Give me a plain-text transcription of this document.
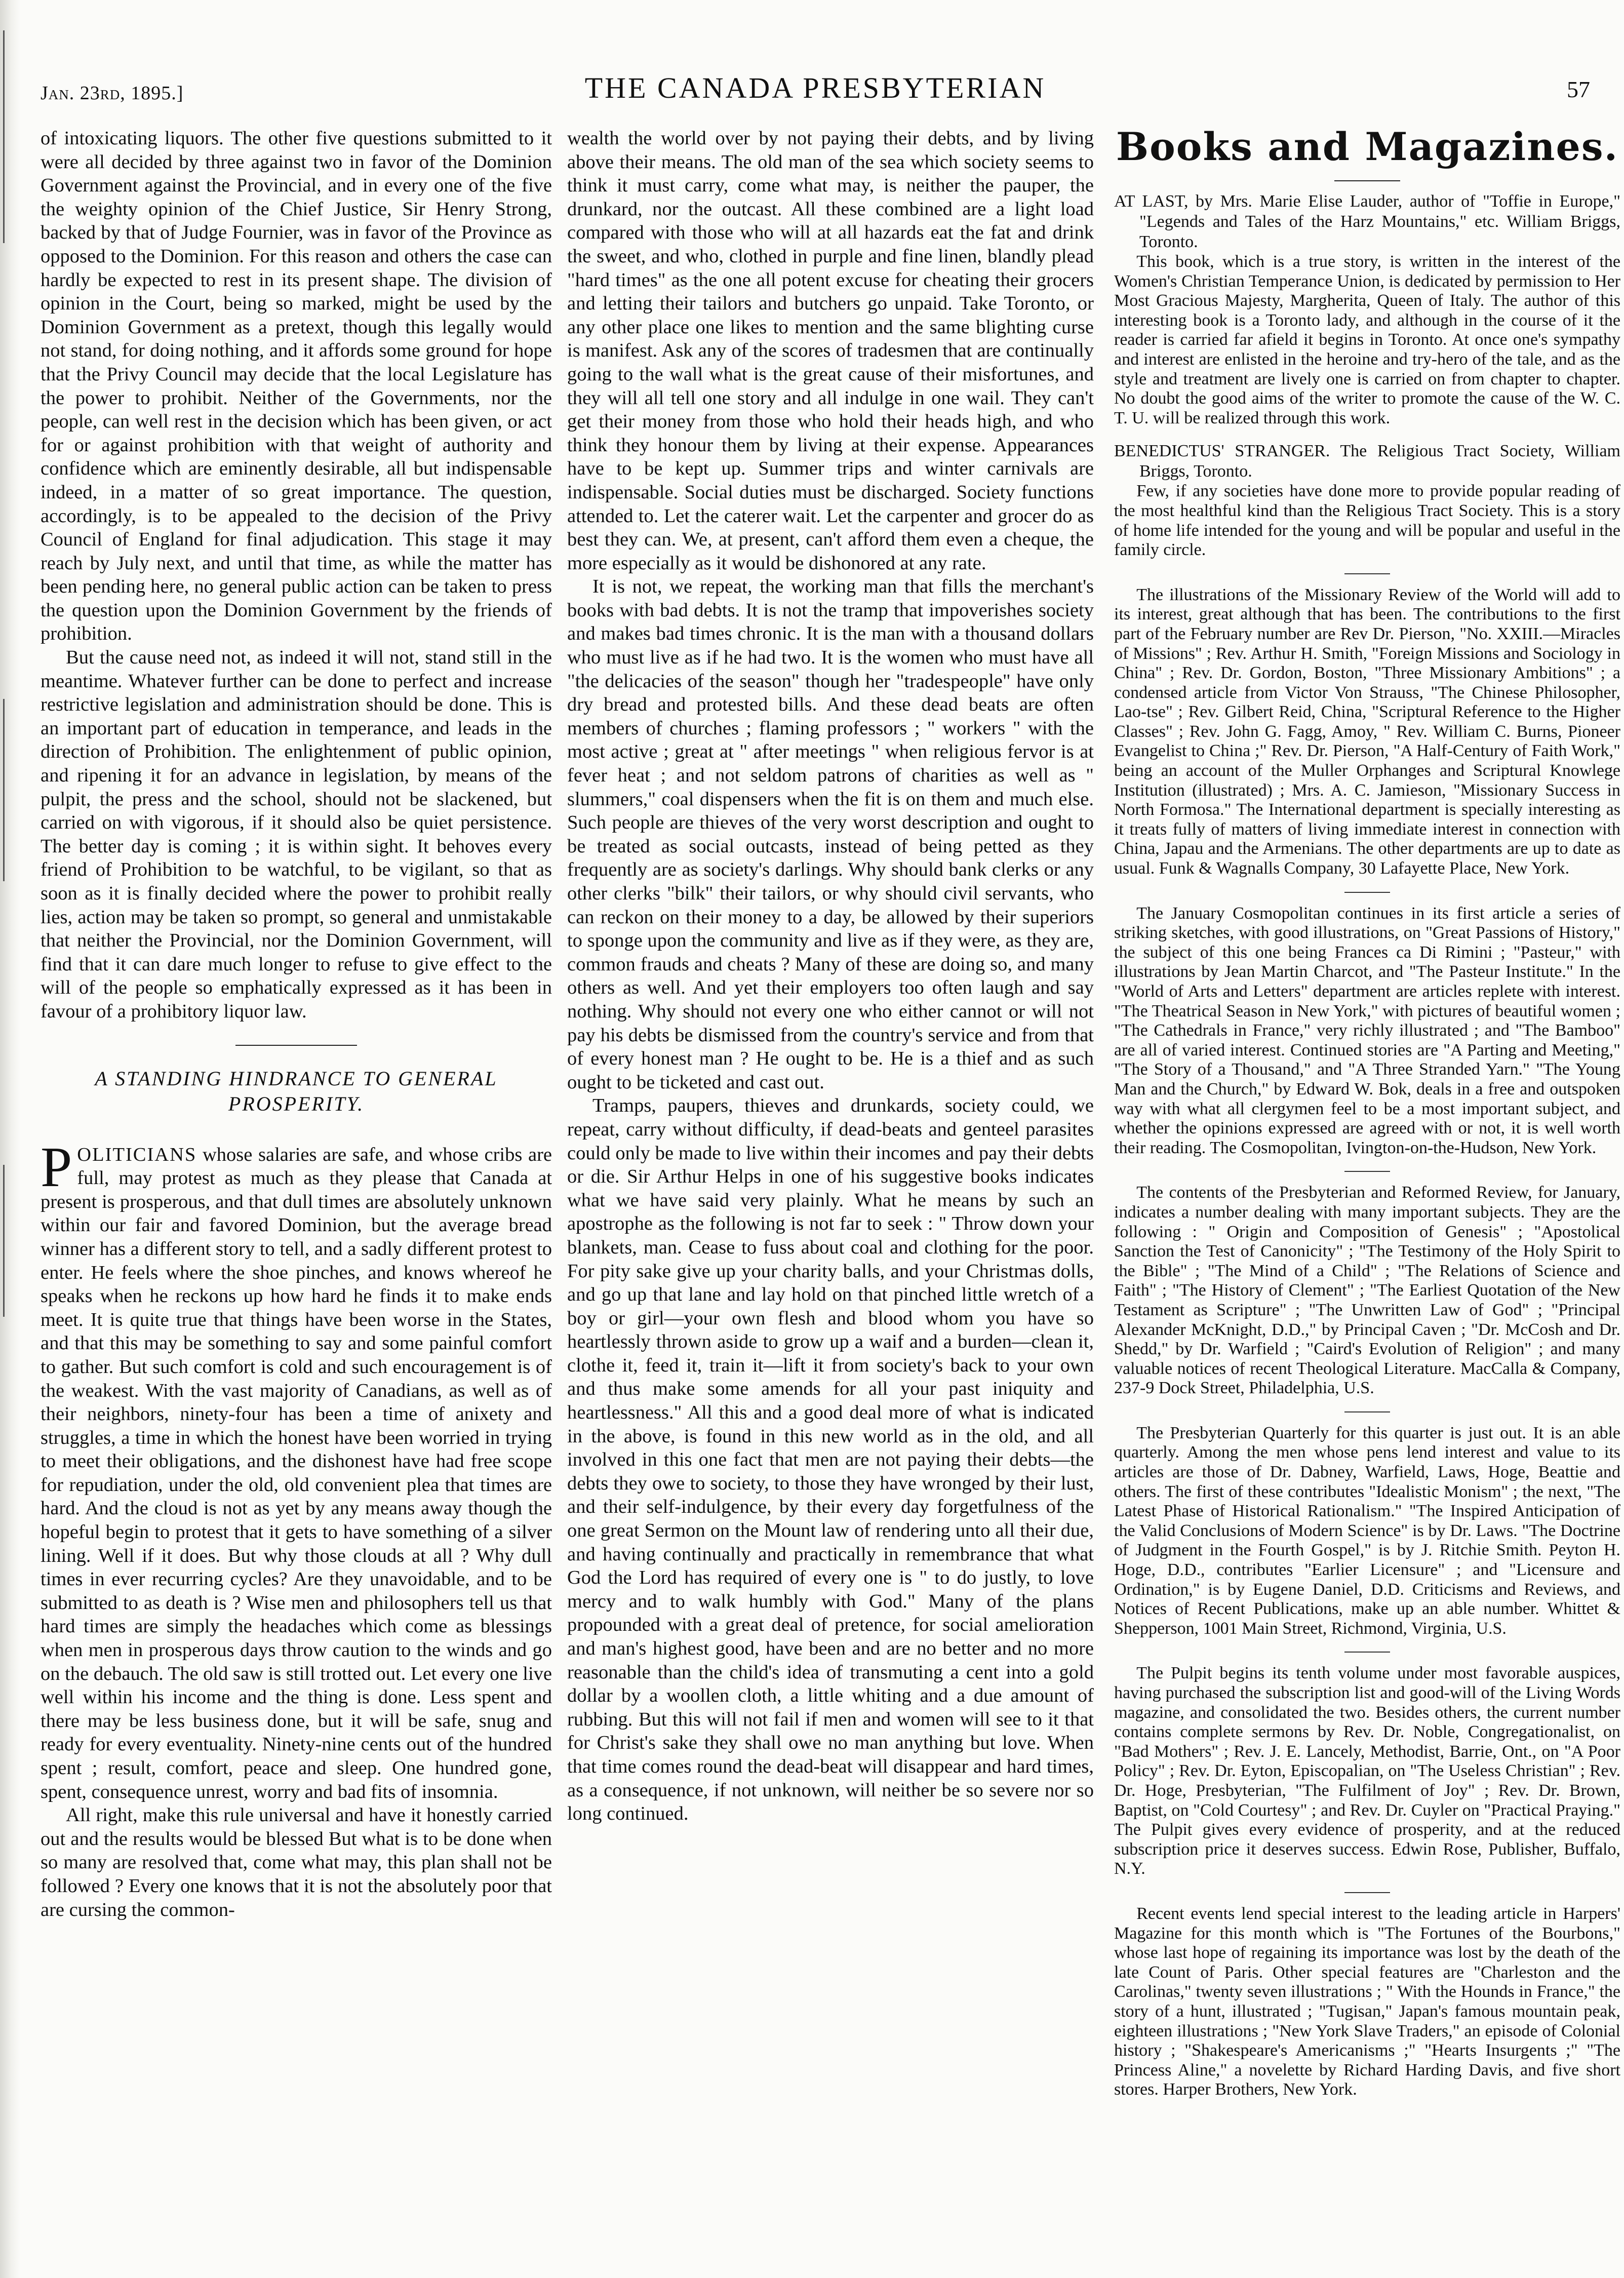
Jan. 23rd, 1895.]	THE CANADA PRESBYTERIAN	57

of intoxicating liquors. The other five questions submitted to it were all decided by three against two in favor of the Dominion Government against the Provincial, and in every one of the five the weighty opinion of the Chief Justice, Sir Henry Strong, backed by that of Judge Fournier, was in favor of the Province as opposed to the Dominion. For this reason and others the case can hardly be expected to rest in its present shape. The division of opinion in the Court, being so marked, might be used by the Dominion Government as a pretext, though this legally would not stand, for doing nothing, and it affords some ground for hope that the Privy Council may decide that the local Legislature has the power to prohibit. Neither of the Governments, nor the people, can well rest in the decision which has been given, or act for or against prohibition with that weight of authority and confidence which are eminently desirable, all but indispensable indeed, in a matter of so great importance. The question, accordingly, is to be appealed to the decision of the Privy Council of England for final adjudication. This stage it may reach by July next, and until that time, as while the matter has been pending here, no general public action can be taken to press the question upon the Dominion Government by the friends of prohibition.

But the cause need not, as indeed it will not, stand still in the meantime. Whatever further can be done to perfect and increase restrictive legislation and administration should be done. This is an important part of education in temperance, and leads in the direction of Prohibition. The enlightenment of public opinion, and ripening it for an advance in legislation, by means of the pulpit, the press and the school, should not be slackened, but carried on with vigorous, if it should also be quiet persistence. The better day is coming ; it is within sight. It behoves every friend of Prohibition to be watchful, to be vigilant, so that as soon as it is finally decided where the power to prohibit really lies, action may be taken so prompt, so general and unmistakable that neither the Provincial, nor the Dominion Government, will find that it can dare much longer to refuse to give effect to the will of the people so emphatically expressed as it has been in favour of a prohibitory liquor law.

A STANDING HINDRANCE TO GENERAL PROSPERITY.

POLITICIANS whose salaries are safe, and whose cribs are full, may protest as much as they please that Canada at present is prosperous, and that dull times are absolutely unknown within our fair and favored Dominion, but the average bread winner has a different story to tell, and a sadly different protest to enter. He feels where the shoe pinches, and knows whereof he speaks when he reckons up how hard he finds it to make ends meet. It is quite true that things have been worse in the States, and that this may be something to say and some painful comfort to gather. But such comfort is cold and such encouragement is of the weakest. With the vast majority of Canadians, as well as of their neighbors, ninety-four has been a time of anixety and struggles, a time in which the honest have been worried in trying to meet their obligations, and the dishonest have had free scope for repudiation, under the old, old convenient plea that times are hard. And the cloud is not as yet by any means away though the hopeful begin to protest that it gets to have something of a silver lining. Well if it does. But why those clouds at all ? Why dull times in ever recurring cycles? Are they unavoidable, and to be submitted to as death is ? Wise men and philosophers tell us that hard times are simply the headaches which come as blessings when men in prosperous days throw caution to the winds and go on the debauch. The old saw is still trotted out. Let every one live well within his income and the thing is done. Less spent and there may be less business done, but it will be safe, snug and ready for every eventuality. Ninety-nine cents out of the hundred spent ; result, comfort, peace and sleep. One hundred gone, spent, consequence unrest, worry and bad fits of insomnia.

All right, make this rule universal and have it honestly carried out and the results would be blessed But what is to be done when so many are resolved that, come what may, this plan shall not be followed ? Every one knows that it is not the absolutely poor that are cursing the common-

wealth the world over by not paying their debts, and by living above their means. The old man of the sea which society seems to think it must carry, come what may, is neither the pauper, the drunkard, nor the outcast. All these combined are a light load compared with those who will at all hazards eat the fat and drink the sweet, and who, clothed in purple and fine linen, blandly plead "hard times" as the one all potent excuse for cheating their grocers and letting their tailors and butchers go unpaid. Take Toronto, or any other place one likes to mention and the same blighting curse is manifest. Ask any of the scores of tradesmen that are continually going to the wall what is the great cause of their misfortunes, and they will all tell one story and all indulge in one wail. They can't get their money from those who hold their heads high, and who think they honour them by living at their expense. Appearances have to be kept up. Summer trips and winter carnivals are indispensable. Social duties must be discharged. Society functions attended to. Let the caterer wait. Let the carpenter and grocer do as best they can. We, at present, can't afford them even a cheque, the more especially as it would be dishonored at any rate.

It is not, we repeat, the working man that fills the merchant's books with bad debts. It is not the tramp that impoverishes society and makes bad times chronic. It is the man with a thousand dollars who must live as if he had two. It is the women who must have all "the delicacies of the season" though her "tradespeople" have only dry bread and protested bills. And these dead beats are often members of churches ; flaming professors ; " workers " with the most active ; great at " after meetings " when religious fervor is at fever heat ; and not seldom patrons of charities as well as " slummers," coal dispensers when the fit is on them and much else. Such people are thieves of the very worst description and ought to be treated as social outcasts, instead of being petted as they frequently are as society's darlings. Why should bank clerks or any other clerks "bilk" their tailors, or why should civil servants, who can reckon on their money to a day, be allowed by their superiors to sponge upon the community and live as if they were, as they are, common frauds and cheats ? Many of these are doing so, and many others as well. And yet their employers too often laugh and say nothing. Why should not every one who either cannot or will not pay his debts be dismissed from the country's service and from that of every honest man ? He ought to be. He is a thief and as such ought to be ticketed and cast out.

Tramps, paupers, thieves and drunkards, society could, we repeat, carry without difficulty, if dead-beats and genteel parasites could only be made to live within their incomes and pay their debts or die. Sir Arthur Helps in one of his suggestive books indicates what we have said very plainly. What he means by such an apostrophe as the following is not far to seek : " Throw down your blankets, man. Cease to fuss about coal and clothing for the poor. For pity sake give up your charity balls, and your Christmas dolls, and go up that lane and lay hold on that pinched little wretch of a boy or girl—your own flesh and blood whom you have so heartlessly thrown aside to grow up a waif and a burden—clean it, clothe it, feed it, train it—lift it from society's back to your own and thus make some amends for all your past iniquity and heartlessness." All this and a good deal more of what is indicated in the above, is found in this new world as in the old, and all involved in this one fact that men are not paying their debts—the debts they owe to society, to those they have wronged by their lust, and their self-indulgence, by their every day forgetfulness of the one great Sermon on the Mount law of rendering unto all their due, and having continually and practically in remembrance that what God the Lord has required of every one is " to do justly, to love mercy and to walk humbly with God." Many of the plans propounded with a great deal of pretence, for social amelioration and man's highest good, have been and are no better and no more reasonable than the child's idea of transmuting a cent into a gold dollar by a woollen cloth, a little whiting and a due amount of rubbing. But this will not fail if men and women will see to it that for Christ's sake they shall owe no man anything but love. When that time comes round the dead-beat will disappear and hard times, as a consequence, if not unknown, will neither be so severe nor so long continued.

Books and Magazines.

AT LAST, by Mrs. Marie Elise Lauder, author of "Toffie in Europe," "Legends and Tales of the Harz Mountains," etc. William Briggs, Toronto.

This book, which is a true story, is written in the interest of the Women's Christian Temperance Union, is dedicated by permission to Her Most Gracious Majesty, Margherita, Queen of Italy. The author of this interesting book is a Toronto lady, and although in the course of it the reader is carried far afield it begins in Toronto. At once one's sympathy and interest are enlisted in the heroine and try-hero of the tale, and as the style and treatment are lively one is carried on from chapter to chapter. No doubt the good aims of the writer to promote the cause of the W. C. T. U. will be realized through this work.

BENEDICTUS' STRANGER. The Religious Tract Society, William Briggs, Toronto.

Few, if any societies have done more to provide popular reading of the most healthful kind than the Religious Tract Society. This is a story of home life intended for the young and will be popular and useful in the family circle.

The illustrations of the Missionary Review of the World will add to its interest, great although that has been. The contributions to the first part of the February number are Rev Dr. Pierson, "No. XXIII.—Miracles of Missions" ; Rev. Arthur H. Smith, "Foreign Missions and Sociology in China" ; Rev. Dr. Gordon, Boston, "Three Missionary Ambitions" ; a condensed article from Victor Von Strauss, "The Chinese Philosopher, Lao-tse" ; Rev. Gilbert Reid, China, "Scriptural Reference to the Higher Classes" ; Rev. John G. Fagg, Amoy, " Rev. William C. Burns, Pioneer Evangelist to China ;" Rev. Dr. Pierson, "A Half-Century of Faith Work," being an account of the Muller Orphanges and Scriptural Knowlege Institution (illustrated) ; Mrs. A. C. Jamieson, "Missionary Success in North Formosa." The International department is specially interesting as it treats fully of matters of living immediate interest in connection with China, Japau and the Armenians. The other departments are up to date as usual. Funk & Wagnalls Company, 30 Lafayette Place, New York.

The January Cosmopolitan continues in its first article a series of striking sketches, with good illustrations, on "Great Passions of History," the subject of this one being Frances ca Di Rimini ; "Pasteur," with illustrations by Jean Martin Charcot, and "The Pasteur Institute." In the "World of Arts and Letters" department are articles replete with interest. "The Theatrical Season in New York," with pictures of beautiful women ; "The Cathedrals in France," very richly illustrated ; and "The Bamboo" are all of varied interest. Continued stories are "A Parting and Meeting," "The Story of a Thousand," and "A Three Stranded Yarn." "The Young Man and the Church," by Edward W. Bok, deals in a free and outspoken way with what all clergymen feel to be a most important subject, and whether the opinions expressed are agreed with or not, it is well worth their reading. The Cosmopolitan, Ivington-on-the-Hudson, New York.

The contents of the Presbyterian and Reformed Review, for January, indicates a number dealing with many important subjects. They are the following : " Origin and Composition of Genesis" ; "Apostolical Sanction the Test of Canonicity" ; "The Testimony of the Holy Spirit to the Bible" ; "The Mind of a Child" ; "The Relations of Science and Faith" ; "The History of Clement" ; "The Earliest Quotation of the New Testament as Scripture" ; "The Unwritten Law of God" ; "Principal Alexander McKnight, D.D.," by Principal Caven ; "Dr. McCosh and Dr. Shedd," by Dr. Warfield ; "Caird's Evolution of Religion" ; and many valuable notices of recent Theological Literature. MacCalla & Company, 237-9 Dock Street, Philadelphia, U.S.

The Presbyterian Quarterly for this quarter is just out. It is an able quarterly. Among the men whose pens lend interest and value to its articles are those of Dr. Dabney, Warfield, Laws, Hoge, Beattie and others. The first of these contributes "Idealistic Monism" ; the next, "The Latest Phase of Historical Rationalism." "The Inspired Anticipation of the Valid Conclusions of Modern Science" is by Dr. Laws. "The Doctrine of Judgment in the Fourth Gospel," is by J. Ritchie Smith. Peyton H. Hoge, D.D., contributes "Earlier Licensure" ; and "Licensure and Ordination," is by Eugene Daniel, D.D. Criticisms and Reviews, and Notices of Recent Publications, make up an able number. Whittet & Shepperson, 1001 Main Street, Richmond, Virginia, U.S.

The Pulpit begins its tenth volume under most favorable auspices, having purchased the subscription list and good-will of the Living Words magazine, and consolidated the two. Besides others, the current number contains complete sermons by Rev. Dr. Noble, Congregationalist, on "Bad Mothers" ; Rev. J. E. Lancely, Methodist, Barrie, Ont., on "A Poor Policy" ; Rev. Dr. Eyton, Episcopalian, on "The Useless Christian" ; Rev. Dr. Hoge, Presbyterian, "The Fulfilment of Joy" ; Rev. Dr. Brown, Baptist, on "Cold Courtesy" ; and Rev. Dr. Cuyler on "Practical Praying." The Pulpit gives every evidence of prosperity, and at the reduced subscription price it deserves success. Edwin Rose, Publisher, Buffalo, N.Y.

Recent events lend special interest to the leading article in Harpers' Magazine for this month which is "The Fortunes of the Bourbons," whose last hope of regaining its importance was lost by the death of the late Count of Paris. Other special features are "Charleston and the Carolinas," twenty seven illustrations ; " With the Hounds in France," the story of a hunt, illustrated ; "Tugisan," Japan's famous mountain peak, eighteen illustrations ; "New York Slave Traders," an episode of Colonial history ; "Shakespeare's Americanisms ;" "Hearts Insurgents ;" "The Princess Aline," a novelette by Richard Harding Davis, and five short stores. Harper Brothers, New York.
